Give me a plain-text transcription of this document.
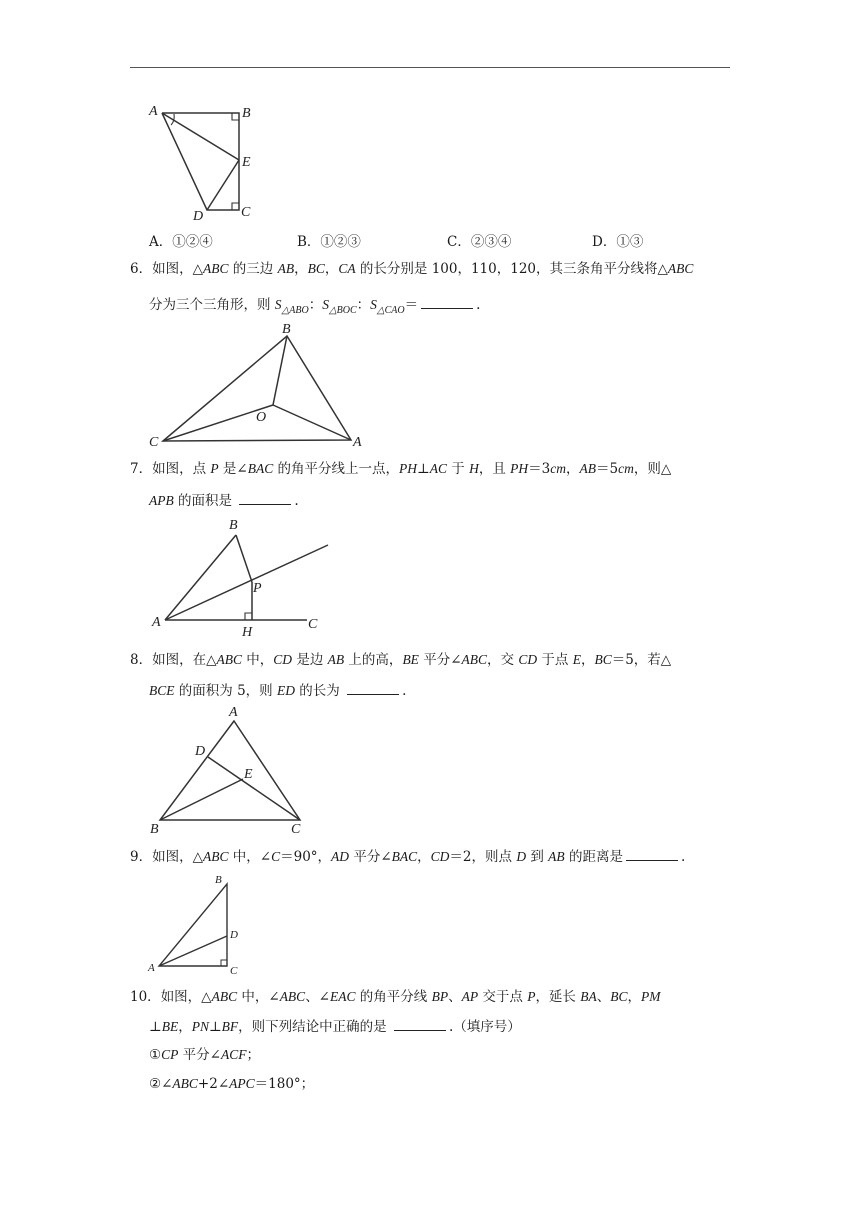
A	B
E
D	C
A．①②④	B．①②③	C．②③④	D．①③
6．如图，△ABC 的三边 AB，BC，CA 的长分别是 100，110，120，其三条角平分线将△ABC
分为三个三角形，则 $S_{\triangle ABO}$：$S_{\triangle BOC}$：$S_{\triangle CAO}=$	.
B
O
C	A
7．如图，点 P 是∠BAC 的角平分线上一点，PH⊥AC 于 H，且 PH＝3cm，AB＝5cm，则△
APB 的面积是	.
B
P
A
H
C
8．如图，在△ABC 中，CD 是边 AB 上的高，BE 平分∠ABC，交 CD 于点 E，BC＝5，若△
BCE 的面积为 5，则 ED 的长为	.
A
D
E
B	C
9．如图，△ABC 中，∠C＝90°，AD 平分∠BAC，CD＝2，则点 D 到 AB 的距离是	.
B
D
A	C
10．如图，△ABC 中，∠ABC、∠EAC 的角平分线 BP、AP 交于点 P，延长 BA、BC，PM
⊥BE，PN⊥BF，则下列结论中正确的是	.（填序号）
①CP 平分∠ACF；
②∠ABC+2∠APC＝180°；
